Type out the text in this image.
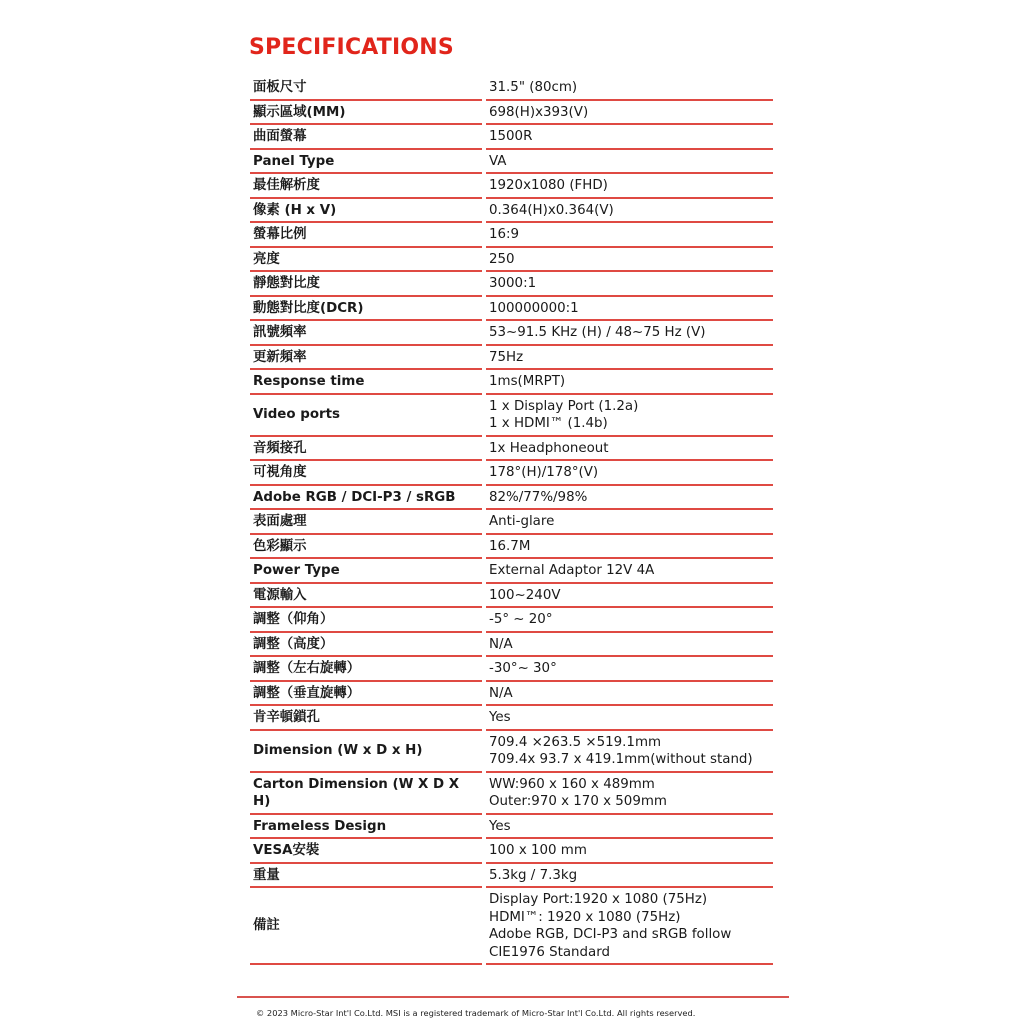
SPECIFICATIONS
面板尺寸		31.5" (80cm)
顯示區域(MM)		698(H)x393(V)
曲面螢幕		1500R
Panel Type		VA
最佳解析度		1920x1080 (FHD)
像素 (H x V)		0.364(H)x0.364(V)
螢幕比例		16:9
亮度		250
靜態對比度		3000:1
動態對比度(DCR)		100000000:1
訊號頻率		53~91.5 KHz (H) / 48~75 Hz (V)
更新頻率		75Hz
Response time		1ms(MRPT)
Video ports		1 x Display Port (1.2a)
1 x HDMI™ (1.4b)
音頻接孔		1x Headphoneout
可視角度		178°(H)/178°(V)
Adobe RGB / DCI-P3 / sRGB		82%/77%/98%
表面處理		Anti-glare
色彩顯示		16.7M
Power Type		External Adaptor 12V 4A
電源輸入		100~240V
調整（仰角）		-5° ~ 20°
調整（高度）		N/A
調整（左右旋轉）		-30°~ 30°
調整（垂直旋轉）		N/A
肯辛頓鎖孔		Yes
Dimension (W x D x H)		709.4 ×263.5 ×519.1mm
709.4x 93.7 x 419.1mm(without stand)
Carton Dimension (W X D X H)		WW:960 x 160 x 489mm
Outer:970 x 170 x 509mm
Frameless Design		Yes
VESA安裝		100 x 100 mm
重量		5.3kg / 7.3kg
備註		Display Port:1920 x 1080 (75Hz)
HDMI™: 1920 x 1080 (75Hz)
Adobe RGB, DCI-P3 and sRGB follow
CIE1976 Standard

© 2023 Micro-Star Int'l Co.Ltd. MSI is a registered trademark of Micro-Star Int'l Co.Ltd. All rights reserved.
